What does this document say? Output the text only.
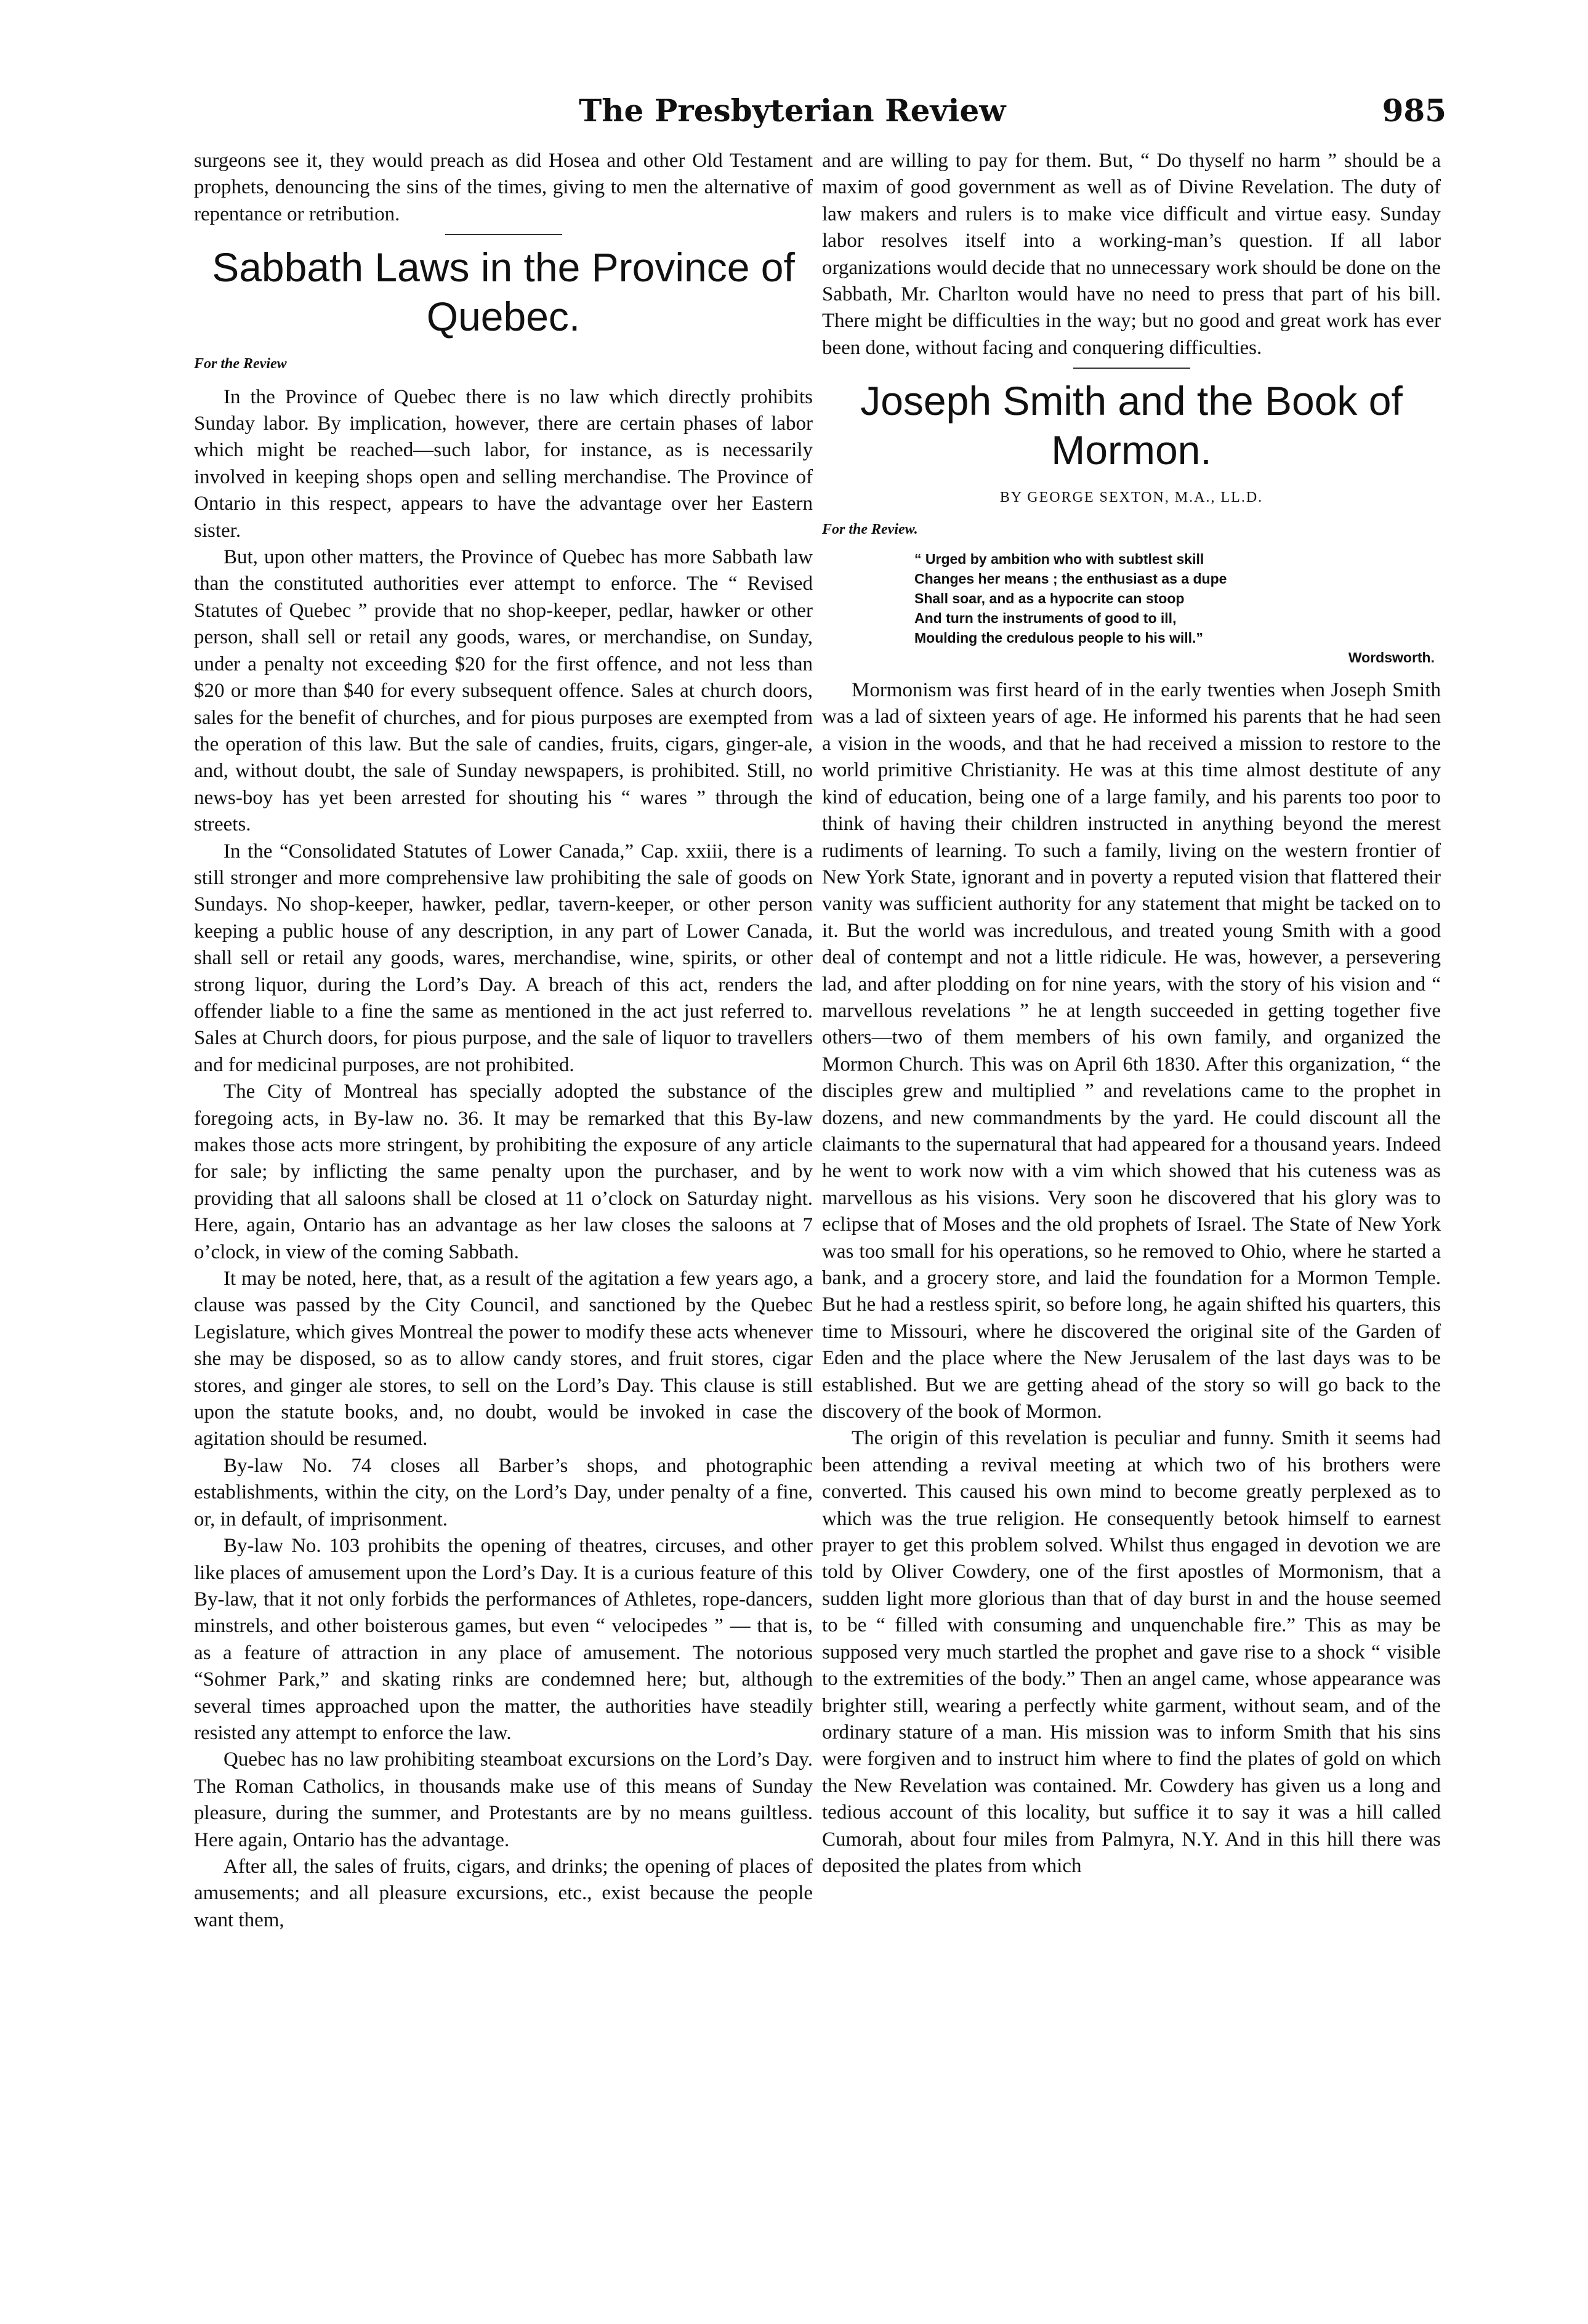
The Presbyterian Review	985

surgeons see it, they would preach as did Hosea and other Old Testament prophets, denouncing the sins of the times, giving to men the alternative of repentance or retribution.

Sabbath Laws in the Province of Quebec.
For the Review

In the Province of Quebec there is no law which directly prohibits Sunday labor. By implication, however, there are certain phases of labor which might be reached—such labor, for instance, as is necessarily involved in keeping shops open and selling merchandise. The Province of Ontario in this respect, appears to have the advantage over her Eastern sister.

But, upon other matters, the Province of Quebec has more Sabbath law than the constituted authorities ever attempt to enforce. The “ Revised Statutes of Quebec ” provide that no shop-keeper, pedlar, hawker or other person, shall sell or retail any goods, wares, or merchandise, on Sunday, under a penalty not exceeding $20 for the first offence, and not less than $20 or more than $40 for every subsequent offence. Sales at church doors, sales for the benefit of churches, and for pious purposes are exempted from the operation of this law. But the sale of candies, fruits, cigars, ginger-ale, and, without doubt, the sale of Sunday newspapers, is prohibited. Still, no news-boy has yet been arrested for shouting his “ wares ” through the streets.

In the “Consolidated Statutes of Lower Canada,” Cap. xxiii, there is a still stronger and more comprehensive law prohibiting the sale of goods on Sundays. No shop-keeper, hawker, pedlar, tavern-keeper, or other person keeping a public house of any description, in any part of Lower Canada, shall sell or retail any goods, wares, merchandise, wine, spirits, or other strong liquor, during the Lord’s Day. A breach of this act, renders the offender liable to a fine the same as mentioned in the act just referred to. Sales at Church doors, for pious purpose, and the sale of liquor to travellers and for medicinal purposes, are not prohibited.

The City of Montreal has specially adopted the substance of the foregoing acts, in By-law no. 36. It may be remarked that this By-law makes those acts more stringent, by prohibiting the exposure of any article for sale; by inflicting the same penalty upon the purchaser, and by providing that all saloons shall be closed at 11 o’clock on Saturday night. Here, again, Ontario has an advantage as her law closes the saloons at 7 o’clock, in view of the coming Sabbath.

It may be noted, here, that, as a result of the agitation a few years ago, a clause was passed by the City Council, and sanctioned by the Quebec Legislature, which gives Montreal the power to modify these acts whenever she may be disposed, so as to allow candy stores, and fruit stores, cigar stores, and ginger ale stores, to sell on the Lord’s Day. This clause is still upon the statute books, and, no doubt, would be invoked in case the agitation should be resumed.

By-law No. 74 closes all Barber’s shops, and photographic establishments, within the city, on the Lord’s Day, under penalty of a fine, or, in default, of imprisonment.

By-law No. 103 prohibits the opening of theatres, circuses, and other like places of amusement upon the Lord’s Day. It is a curious feature of this By-law, that it not only forbids the performances of Athletes, rope-dancers, minstrels, and other boisterous games, but even “ velocipedes ” — that is, as a feature of attraction in any place of amusement. The notorious “Sohmer Park,” and skating rinks are condemned here; but, although several times approached upon the matter, the authorities have steadily resisted any attempt to enforce the law.

Quebec has no law prohibiting steamboat excursions on the Lord’s Day. The Roman Catholics, in thousands make use of this means of Sunday pleasure, during the summer, and Protestants are by no means guiltless. Here again, Ontario has the advantage.

After all, the sales of fruits, cigars, and drinks; the opening of places of amusements; and all pleasure excursions, etc., exist because the people want them,

and are willing to pay for them. But, “ Do thyself no harm ” should be a maxim of good government as well as of Divine Revelation. The duty of law makers and rulers is to make vice difficult and virtue easy. Sunday labor resolves itself into a working-man’s question. If all labor organizations would decide that no unnecessary work should be done on the Sabbath, Mr. Charlton would have no need to press that part of his bill. There might be difficulties in the way; but no good and great work has ever been done, without facing and conquering difficulties.

Joseph Smith and the Book of Mormon.
BY GEORGE SEXTON, M.A., LL.D.
For the Review.
“ Urged by ambition who with subtlest skill
Changes her means ; the enthusiast as a dupe
Shall soar, and as a hypocrite can stoop
And turn the instruments of good to ill,
Moulding the credulous people to his will.”
Wordsworth.

Mormonism was first heard of in the early twenties when Joseph Smith was a lad of sixteen years of age. He informed his parents that he had seen a vision in the woods, and that he had received a mission to restore to the world primitive Christianity. He was at this time almost destitute of any kind of education, being one of a large family, and his parents too poor to think of having their children instructed in anything beyond the merest rudiments of learning. To such a family, living on the western frontier of New York State, ignorant and in poverty a reputed vision that flattered their vanity was sufficient authority for any statement that might be tacked on to it. But the world was incredulous, and treated young Smith with a good deal of contempt and not a little ridicule. He was, however, a persevering lad, and after plodding on for nine years, with the story of his vision and “ marvellous revelations ” he at length succeeded in getting together five others—two of them members of his own family, and organized the Mormon Church. This was on April 6th 1830. After this organization, “ the disciples grew and multiplied ” and revelations came to the prophet in dozens, and new commandments by the yard. He could discount all the claimants to the supernatural that had appeared for a thousand years. Indeed he went to work now with a vim which showed that his cuteness was as marvellous as his visions. Very soon he discovered that his glory was to eclipse that of Moses and the old prophets of Israel. The State of New York was too small for his operations, so he removed to Ohio, where he started a bank, and a grocery store, and laid the foundation for a Mormon Temple. But he had a restless spirit, so before long, he again shifted his quarters, this time to Missouri, where he discovered the original site of the Garden of Eden and the place where the New Jerusalem of the last days was to be established. But we are getting ahead of the story so will go back to the discovery of the book of Mormon.

The origin of this revelation is peculiar and funny. Smith it seems had been attending a revival meeting at which two of his brothers were converted. This caused his own mind to become greatly perplexed as to which was the true religion. He consequently betook himself to earnest prayer to get this problem solved. Whilst thus engaged in devotion we are told by Oliver Cowdery, one of the first apostles of Mormonism, that a sudden light more glorious than that of day burst in and the house seemed to be “ filled with consuming and unquenchable fire.” This as may be supposed very much startled the prophet and gave rise to a shock “ visible to the extremities of the body.” Then an angel came, whose appearance was brighter still, wearing a perfectly white garment, without seam, and of the ordinary stature of a man. His mission was to inform Smith that his sins were forgiven and to instruct him where to find the plates of gold on which the New Revelation was contained. Mr. Cowdery has given us a long and tedious account of this locality, but suffice it to say it was a hill called Cumorah, about four miles from Palmyra, N.Y. And in this hill there was deposited the plates from which
